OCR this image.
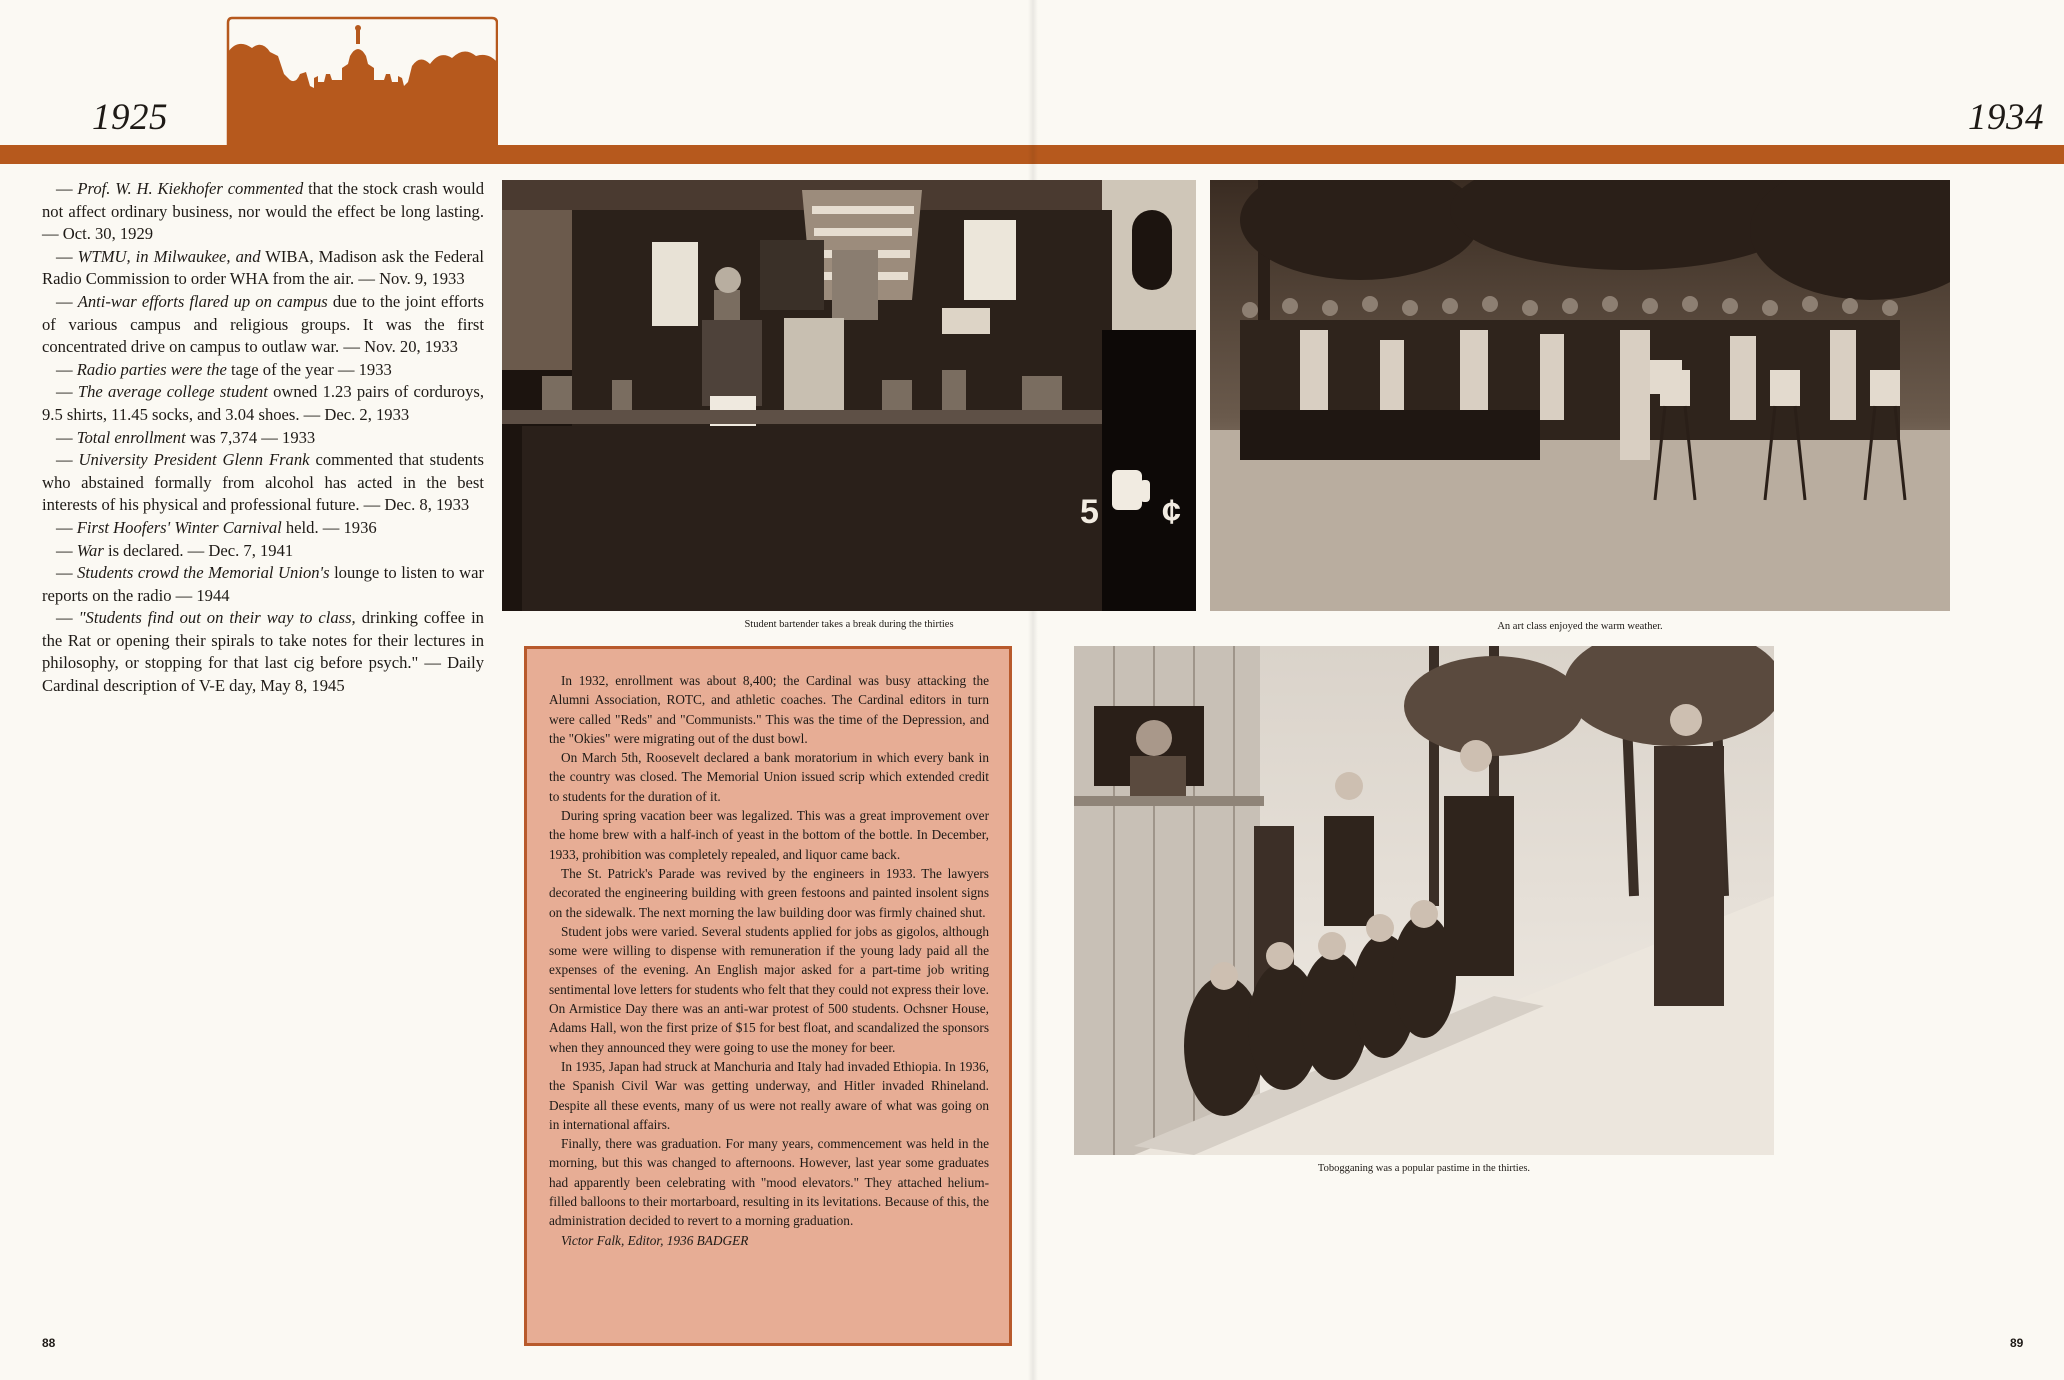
1925	1934

— Prof. W. H. Kiekhofer commented that the stock crash would not affect ordinary business, nor would the effect be long lasting. — Oct. 30, 1929

— WTMU, in Milwaukee, and WIBA, Madison ask the Federal Radio Commission to order WHA from the air. — Nov. 9, 1933

— Anti-war efforts flared up on campus due to the joint efforts of various campus and religious groups. It was the first concentrated drive on campus to outlaw war. — Nov. 20, 1933

— Radio parties were the tage of the year — 1933

— The average college student owned 1.23 pairs of corduroys, 9.5 shirts, 11.45 socks, and 3.04 shoes. — Dec. 2, 1933

— Total enrollment was 7,374 — 1933

— University President Glenn Frank commented that students who abstained formally from alcohol has acted in the best interests of his physical and professional future. — Dec. 8, 1933

— First Hoofers' Winter Carnival held. — 1936

— War is declared. — Dec. 7, 1941

— Students crowd the Memorial Union's lounge to listen to war reports on the radio — 1944

— "Students find out on their way to class, drinking coffee in the Rat or opening their spirals to take notes for their lectures in philosophy, or stopping for that last cig before psych." — Daily Cardinal description of V-E day, May 8, 1945

5 ¢
Student bartender takes a break during the thirties	An art class enjoyed the warm weather.
Tobogganing was a popular pastime in the thirties.

In 1932, enrollment was about 8,400; the Cardinal was busy attacking the Alumni Association, ROTC, and athletic coaches. The Cardinal editors in turn were called "Reds" and "Communists." This was the time of the Depression, and the "Okies" were migrating out of the dust bowl.

On March 5th, Roosevelt declared a bank moratorium in which every bank in the country was closed. The Memorial Union issued scrip which extended credit to students for the duration of it.

During spring vacation beer was legalized. This was a great improvement over the home brew with a half-inch of yeast in the bottom of the bottle. In December, 1933, prohibition was completely repealed, and liquor came back.

The St. Patrick's Parade was revived by the engineers in 1933. The lawyers decorated the engineering building with green festoons and painted insolent signs on the sidewalk. The next morning the law building door was firmly chained shut.

Student jobs were varied. Several students applied for jobs as gigolos, although some were willing to dispense with remuneration if the young lady paid all the expenses of the evening. An English major asked for a part-time job writing sentimental love letters for students who felt that they could not express their love. On Armistice Day there was an anti-war protest of 500 students. Ochsner House, Adams Hall, won the first prize of $15 for best float, and scandalized the sponsors when they announced they were going to use the money for beer.

In 1935, Japan had struck at Manchuria and Italy had invaded Ethiopia. In 1936, the Spanish Civil War was getting underway, and Hitler invaded Rhineland. Despite all these events, many of us were not really aware of what was going on in international affairs.

Finally, there was graduation. For many years, commencement was held in the morning, but this was changed to afternoons. However, last year some graduates had apparently been celebrating with "mood elevators." They attached helium-filled balloons to their mortarboard, resulting in its levitations. Because of this, the administration decided to revert to a morning graduation.

Victor Falk, Editor, 1936 BADGER

88	89
